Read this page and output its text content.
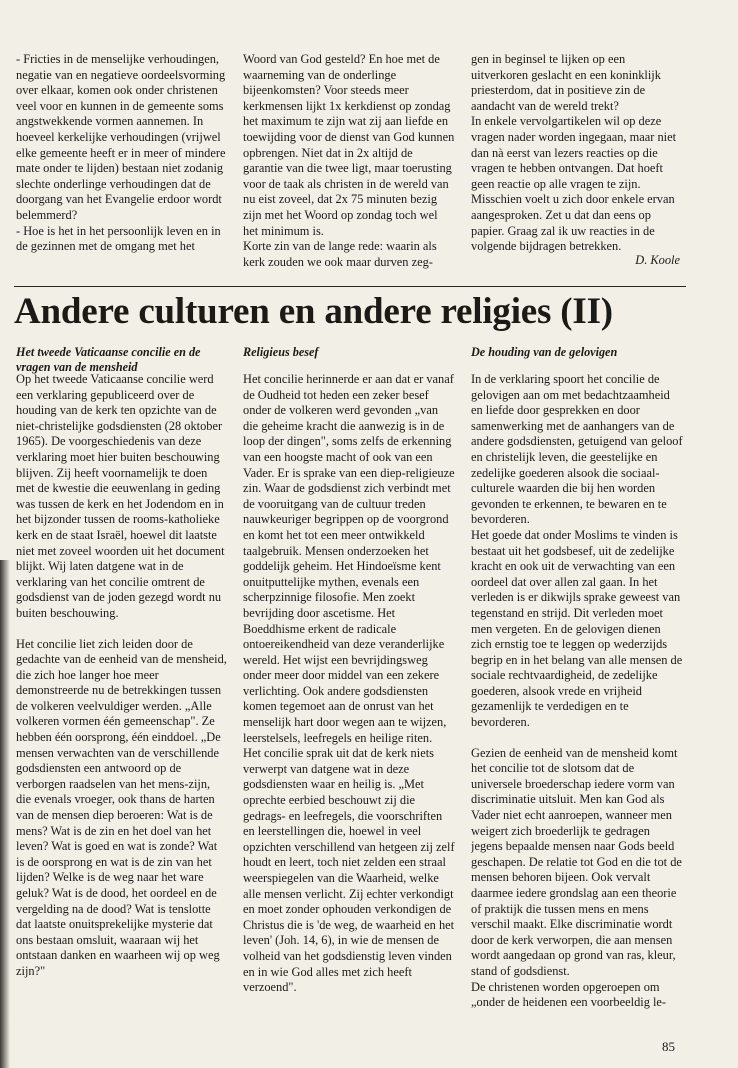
- Fricties in de menselijke verhoudingen, negatie van en negatieve oordeelsvorming over elkaar, komen ook onder christenen veel voor en kunnen in de gemeente soms angstwekkende vormen aannemen. In hoeveel kerkelijke verhoudingen (vrijwel elke gemeente heeft er in meer of mindere mate onder te lijden) bestaan niet zodanig slechte onderlinge verhoudingen dat de doorgang van het Evangelie erdoor wordt belemmerd?

- Hoe is het in het persoonlijk leven en in de gezinnen met de omgang met het

Woord van God gesteld? En hoe met de waarneming van de onderlinge bijeenkomsten? Voor steeds meer kerkmensen lijkt 1x kerkdienst op zondag het maximum te zijn wat zij aan liefde en toewijding voor de dienst van God kunnen opbrengen. Niet dat in 2x altijd de garantie van die twee ligt, maar toerusting voor de taak als christen in de wereld van nu eist zoveel, dat 2x 75 minuten bezig zijn met het Woord op zondag toch wel het minimum is.

Korte zin van de lange rede: waarin als kerk zouden we ook maar durven zeg-

gen in beginsel te lijken op een uitverkoren geslacht en een koninklijk priesterdom, dat in positieve zin de aandacht van de wereld trekt?

In enkele vervolgartikelen wil op deze vragen nader worden ingegaan, maar niet dan nà eerst van lezers reacties op die vragen te hebben ontvangen. Dat hoeft geen reactie op alle vragen te zijn. Misschien voelt u zich door enkele ervan aangesproken. Zet u dat dan eens op papier. Graag zal ik uw reacties in de volgende bijdragen betrekken.

D. Koole
Andere culturen en andere religies (II)
Het tweede Vaticaanse concilie en de vragen van de mensheid
Religieus besef	De houding van de gelovigen

Op het tweede Vaticaanse concilie werd een verklaring gepubliceerd over de houding van de kerk ten opzichte van de niet-christelijke godsdiensten (28 oktober 1965). De voorgeschiedenis van deze verklaring moet hier buiten beschouwing blijven. Zij heeft voornamelijk te doen met de kwestie die eeuwenlang in geding was tussen de kerk en het Jodendom en in het bijzonder tussen de rooms-katholieke kerk en de staat Israël, hoewel dit laatste niet met zoveel woorden uit het document blijkt. Wij laten datgene wat in de verklaring van het concilie omtrent de godsdienst van de joden gezegd wordt nu buiten beschouwing.

Het concilie liet zich leiden door de gedachte van de eenheid van de mensheid, die zich hoe langer hoe meer demonstreerde nu de betrekkingen tussen de volkeren veelvuldiger werden. „Alle volkeren vormen één gemeenschap". Ze hebben één oorsprong, één einddoel. „De mensen verwachten van de verschillende godsdiensten een antwoord op de verborgen raadselen van het mens-zijn, die evenals vroeger, ook thans de harten van de mensen diep beroeren: Wat is de mens? Wat is de zin en het doel van het leven? Wat is goed en wat is zonde? Wat is de oorsprong en wat is de zin van het lijden? Welke is de weg naar het ware geluk? Wat is de dood, het oordeel en de vergelding na de dood? Wat is tenslotte dat laatste onuitsprekelijke mysterie dat ons bestaan omsluit, waaraan wij het ontstaan danken en waarheen wij op weg zijn?"

Het concilie herinnerde er aan dat er vanaf de Oudheid tot heden een zeker besef onder de volkeren werd gevonden „van die geheime kracht die aanwezig is in de loop der dingen", soms zelfs de erkenning van een hoogste macht of ook van een Vader. Er is sprake van een diep-religieuze zin. Waar de godsdienst zich verbindt met de vooruitgang van de cultuur treden nauwkeuriger begrippen op de voorgrond en komt het tot een meer ontwikkeld taalgebruik. Mensen onderzoeken het goddelijk geheim. Het Hindoeïsme kent onuitputtelijke mythen, evenals een scherpzinnige filosofie. Men zoekt bevrijding door ascetisme. Het Boeddhisme erkent de radicale ontoereikendheid van deze veranderlijke wereld. Het wijst een bevrijdingsweg onder meer door middel van een zekere verlichting. Ook andere godsdiensten komen tegemoet aan de onrust van het menselijk hart door wegen aan te wijzen, leerstelsels, leefregels en heilige riten.

Het concilie sprak uit dat de kerk niets verwerpt van datgene wat in deze godsdiensten waar en heilig is. „Met oprechte eerbied beschouwt zij die gedrags- en leefregels, die voorschriften en leerstellingen die, hoewel in veel opzichten verschillend van hetgeen zij zelf houdt en leert, toch niet zelden een straal weerspiegelen van die Waarheid, welke alle mensen verlicht. Zij echter verkondigt en moet zonder ophouden verkondigen de Christus die is 'de weg, de waarheid en het leven' (Joh. 14, 6), in wie de mensen de volheid van het godsdienstig leven vinden en in wie God alles met zich heeft verzoend".

In de verklaring spoort het concilie de gelovigen aan om met bedachtzaamheid en liefde door gesprekken en door samenwerking met de aanhangers van de andere godsdiensten, getuigend van geloof en christelijk leven, die geestelijke en zedelijke goederen alsook die sociaal-culturele waarden die bij hen worden gevonden te erkennen, te bewaren en te bevorderen.

Het goede dat onder Moslims te vinden is bestaat uit het godsbesef, uit de zedelijke kracht en ook uit de verwachting van een oordeel dat over allen zal gaan. In het verleden is er dikwijls sprake geweest van tegenstand en strijd. Dit verleden moet men vergeten. En de gelovigen dienen zich ernstig toe te leggen op wederzijds begrip en in het belang van alle mensen de sociale rechtvaardigheid, de zedelijke goederen, alsook vrede en vrijheid gezamenlijk te verdedigen en te bevorderen.

Gezien de eenheid van de mensheid komt het concilie tot de slotsom dat de universele broederschap iedere vorm van discriminatie uitsluit. Men kan God als Vader niet echt aanroepen, wanneer men weigert zich broederlijk te gedragen jegens bepaalde mensen naar Gods beeld geschapen. De relatie tot God en die tot de mensen behoren bijeen. Ook vervalt daarmee iedere grondslag aan een theorie of praktijk die tussen mens en mens verschil maakt. Elke discriminatie wordt door de kerk verworpen, die aan mensen wordt aangedaan op grond van ras, kleur, stand of godsdienst.

De christenen worden opgeroepen om „onder de heidenen een voorbeeldig le-

85
